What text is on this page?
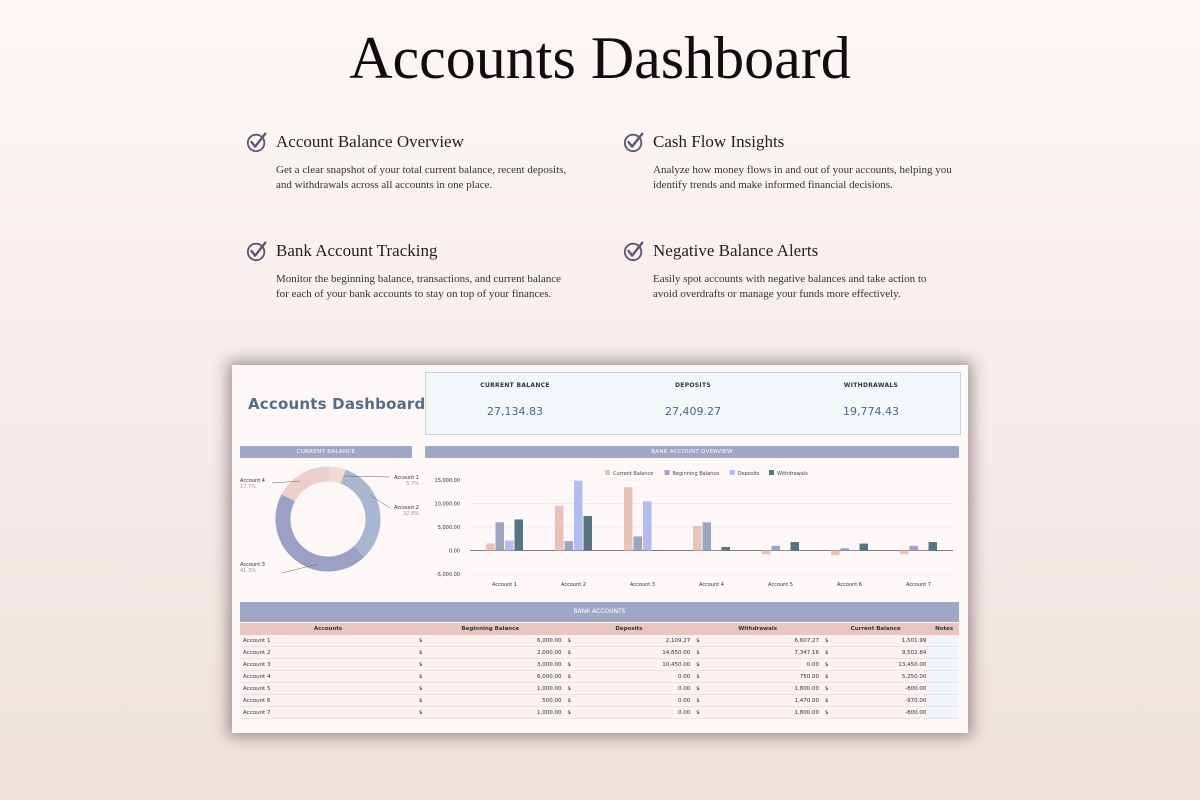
Accounts Dashboard
Account Balance Overview
Get a clear snapshot of your total current balance, recent deposits, and withdrawals across all accounts in one place.
Cash Flow Insights
Analyze how money flows in and out of your accounts, helping you identify trends and make informed financial decisions.
Bank Account Tracking
Monitor the beginning balance, transactions, and current balance for each of your bank accounts to stay on top of your finances.
Negative Balance Alerts
Easily spot accounts with negative balances and take action to avoid overdrafts or manage your funds more effectively.
Accounts Dashboard
CURRENT BALANCE
27,134.83
DEPOSITS
27,409.27
WITHDRAWALS
19,774.43
CURRENT BALANCE	BANK ACCOUNT OVERVIEW
Account 1
5.7%
Account 2
32.8%
Account 3
41.3%
Account 4
17.7%
Current Balance	Beginning Balance	Deposits	Withdrawals
15,000.00
10,000.00
5,000.00
0.00
-5,000.00
Account 1	Account 2	Account 3	Account 4	Account 5	Account 6	Account 7
BANK ACCOUNTS
Accounts	Beginning Balance		Deposits		Withdrawals		Current Balance		Notes
Account 1	$	6,000.00	$	2,109.27	$	6,607.27	$	1,501.99	
Account 2	$	2,000.00	$	14,850.00	$	7,347.16	$	9,502.84	
Account 3	$	3,000.00	$	10,450.00	$	0.00	$	13,450.00	
Account 4	$	6,000.00	$	0.00	$	750.00	$	5,250.00	
Account 5	$	1,000.00	$	0.00	$	1,800.00	$	-800.00	
Account 6	$	500.00	$	0.00	$	1,470.00	$	-970.00	
Account 7	$	1,000.00	$	0.00	$	1,800.00	$	-800.00	
